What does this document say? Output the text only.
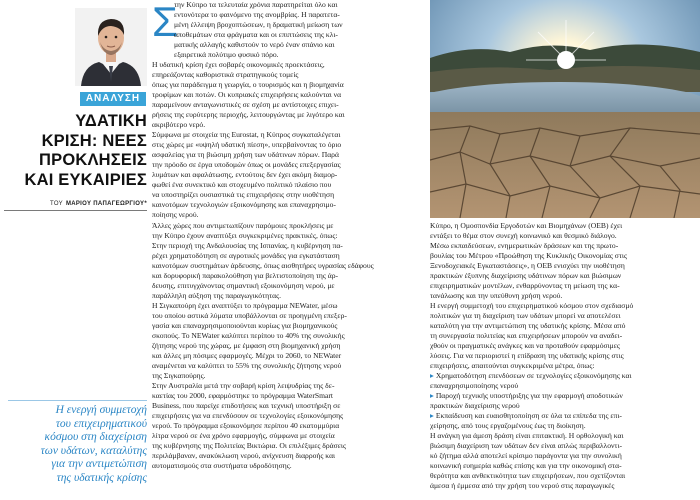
ΑΝΑΛΥΣΗ
ΥΔΑΤΙΚΗ
ΚΡΙΣΗ: ΝΕΕΣ
ΠΡΟΚΛΗΣΕΙΣ
ΚΑΙ ΕΥΚΑΙΡΙΕΣ
ΤΟΥ ΜΑΡΙΟΥ ΠΑΠΑΓΕΩΡΓΙΟΥ*
Η ενεργή συμμετοχή
του επιχειρηματικού
κόσμου στη διαχείριση
των υδάτων, καταλύτης
για την αντιμετώπιση
της υδατικής κρίσης
Σ
την Κύπρο τα τελευταία χρόνια παρατηρείται όλο και
εντονότερα το φαινόμενο της ανομβρίας. Η παρατετα-
μένη έλλειψη βροχοπτώσεων, η δραματική μείωση των
αποθεμάτων στα φράγματα και οι επιπτώσεις της κλι-
ματικής αλλαγής καθιστούν το νερό έναν σπάνιο και
εξαιρετικά πολύτιμο φυσικό πόρο.
Η υδατική κρίση έχει σοβαρές οικονομικές προεκτάσεις,
επηρεάζοντας καθοριστικά στρατηγικούς τομείς
όπως για παράδειγμα η γεωργία, ο τουρισμός και η βιομηχανία
τροφίμων και ποτών. Οι κυπριακές επιχειρήσεις καλούνται να
παραμείνουν ανταγωνιστικές σε σχέση με αντίστοιχες επιχει-
ρήσεις της ευρύτερης περιοχής, λειτουργώντας με λιγότερο και
ακριβότερο νερό.
Σύμφωνα με στοιχεία της Eurostat, η Κύπρος συγκαταλέγεται
στις χώρες με «υψηλή υδατική πίεση», υπερβαίνοντας το όριο
ασφαλείας για τη βιώσιμη χρήση των υδάτινων πόρων. Παρά
την πρόοδο σε έργα υποδομών όπως οι μονάδες επεξεργασίας
λυμάτων και αφαλάτωσης, εντούτοις δεν έχει ακόμη διαμορ-
φωθεί ένα συνεκτικό και στοχευμένο πολιτικό πλαίσιο που
να υποστηρίζει ουσιαστικά τις επιχειρήσεις στην υιοθέτηση
καινοτόμων τεχνολογιών εξοικονόμησης και επαναχρησιμο-
ποίησης νερού.
Άλλες χώρες που αντιμετωπίζουν παρόμοιες προκλήσεις με
την Κύπρο έχουν αναπτύξει συγκεκριμένες πρακτικές, όπως:
Στην περιοχή της Ανδαλουσίας της Ισπανίας, η κυβέρνηση πα-
ρέχει χρηματοδότηση σε αγροτικές μονάδες για εγκατάσταση
καινοτόμων συστημάτων άρδευσης, όπως αισθητήρες υγρασίας εδάφους
και δορυφορική παρακολούθηση για βελτιστοποίηση της άρ-
δευσης, επιτυγχάνοντας σημαντική εξοικονόμηση νερού, με
παράλληλη αύξηση της παραγωγικότητας.
Η Σιγκαπούρη έχει αναπτύξει το πρόγραμμα NEWater, μέσω
του οποίου αστικά λύματα υποβάλλονται σε προηγμένη επεξερ-
γασία και επαναχρησιμοποιούνται κυρίως για βιομηχανικούς
σκοπούς. Το NEWater καλύπτει περίπου το 40% της συνολικής
ζήτησης νερού της χώρας, με έμφαση στη βιομηχανική χρήση
και άλλες μη πόσιμες εφαρμογές. Μέχρι το 2060, το NEWater
αναμένεται να καλύπτει το 55% της συνολικής ζήτησης νερού
της Σιγκαπούρης.
Στην Αυστραλία μετά την σοβαρή κρίση λειψυδρίας της δε-
καετίας του 2000, εφαρμόστηκε το πρόγραμμα WaterSmart
Business, που παρείχε επιδοτήσεις και τεχνική υποστήριξη σε
επιχειρήσεις για να επενδύσουν σε τεχνολογίες εξοικονόμησης
νερού. Το πρόγραμμα εξοικονόμησε περίπου 40 εκατομμύρια
λίτρα νερού σε ένα χρόνο εφαρμογής, σύμφωνα με στοιχεία
της κυβέρνησης της Πολιτείας Βικτώρια. Οι επιλέξιμες δράσεις
περιλάμβαναν, ανακύκλωση νερού, ανίχνευση διαρροής και
αυτοματισμούς στα συστήματα υδροδότησης.
Κύπρο, η Ομοσπονδία Εργοδοτών και Βιομηχάνων (ΟΕΒ) έχει
εντάξει το θέμα στον συνεχή κοινωνικό και θεσμικό διάλογο.
Μέσω εκπαιδεύσεων, ενημερωτικών δράσεων και της πρωτο-
βουλίας του Μέτρου «Προώθηση της Κυκλικής Οικονομίας στις
Ξενοδοχειακές Εγκαταστάσεις», η ΟΕΒ ενισχύει την υιοθέτηση
πρακτικών έξυπνης διαχείρισης υδάτινων πόρων και βιώσιμων
επιχειρηματικών μοντέλων, ενθαρρύνοντας τη μείωση της κα-
τανάλωσης και την υπεύθυνη χρήση νερού.
Η ενεργή συμμετοχή του επιχειρηματικού κόσμου στον σχεδιασμό
πολιτικών για τη διαχείριση των υδάτων μπορεί να αποτελέσει
καταλύτη για την αντιμετώπιση της υδατικής κρίσης. Μέσα από
τη συνεργασία πολιτείας και επιχειρήσεων μπορούν να αναδει-
χθούν οι πραγματικές ανάγκες και να προταθούν εφαρμόσιμες
λύσεις. Για να περιοριστεί η επίδραση της υδατικής κρίσης στις
επιχειρήσεις, απαιτούνται συγκεκριμένα μέτρα, όπως:
▸ Χρηματοδότηση επενδύσεων σε τεχνολογίες εξοικονόμησης και
επαναχρησιμοποίησης νερού
▸ Παροχή τεχνικής υποστήριξης για την εφαρμογή αποδοτικών
πρακτικών διαχείρισης νερού
▸ Εκπαίδευση και ευαισθητοποίηση σε όλα τα επίπεδα της επι-
χείρησης, από τους εργαζομένους έως τη διοίκηση.
Η ανάγκη για άμεση δράση είναι επιτακτική. Η ορθολογική και
βιώσιμη διαχείριση των υδάτων δεν είναι απλώς περιβαλλοντι-
κό ζήτημα αλλά αποτελεί κρίσιμο παράγοντα για την συνολική
κοινωνική ευημερία καθώς επίσης και για την οικονομική στα-
θερότητα και ανθεκτικότητα των επιχειρήσεων, που σχετίζονται
άμεσα ή έμμεσα από την χρήση του νερού στις παραγωγικές
